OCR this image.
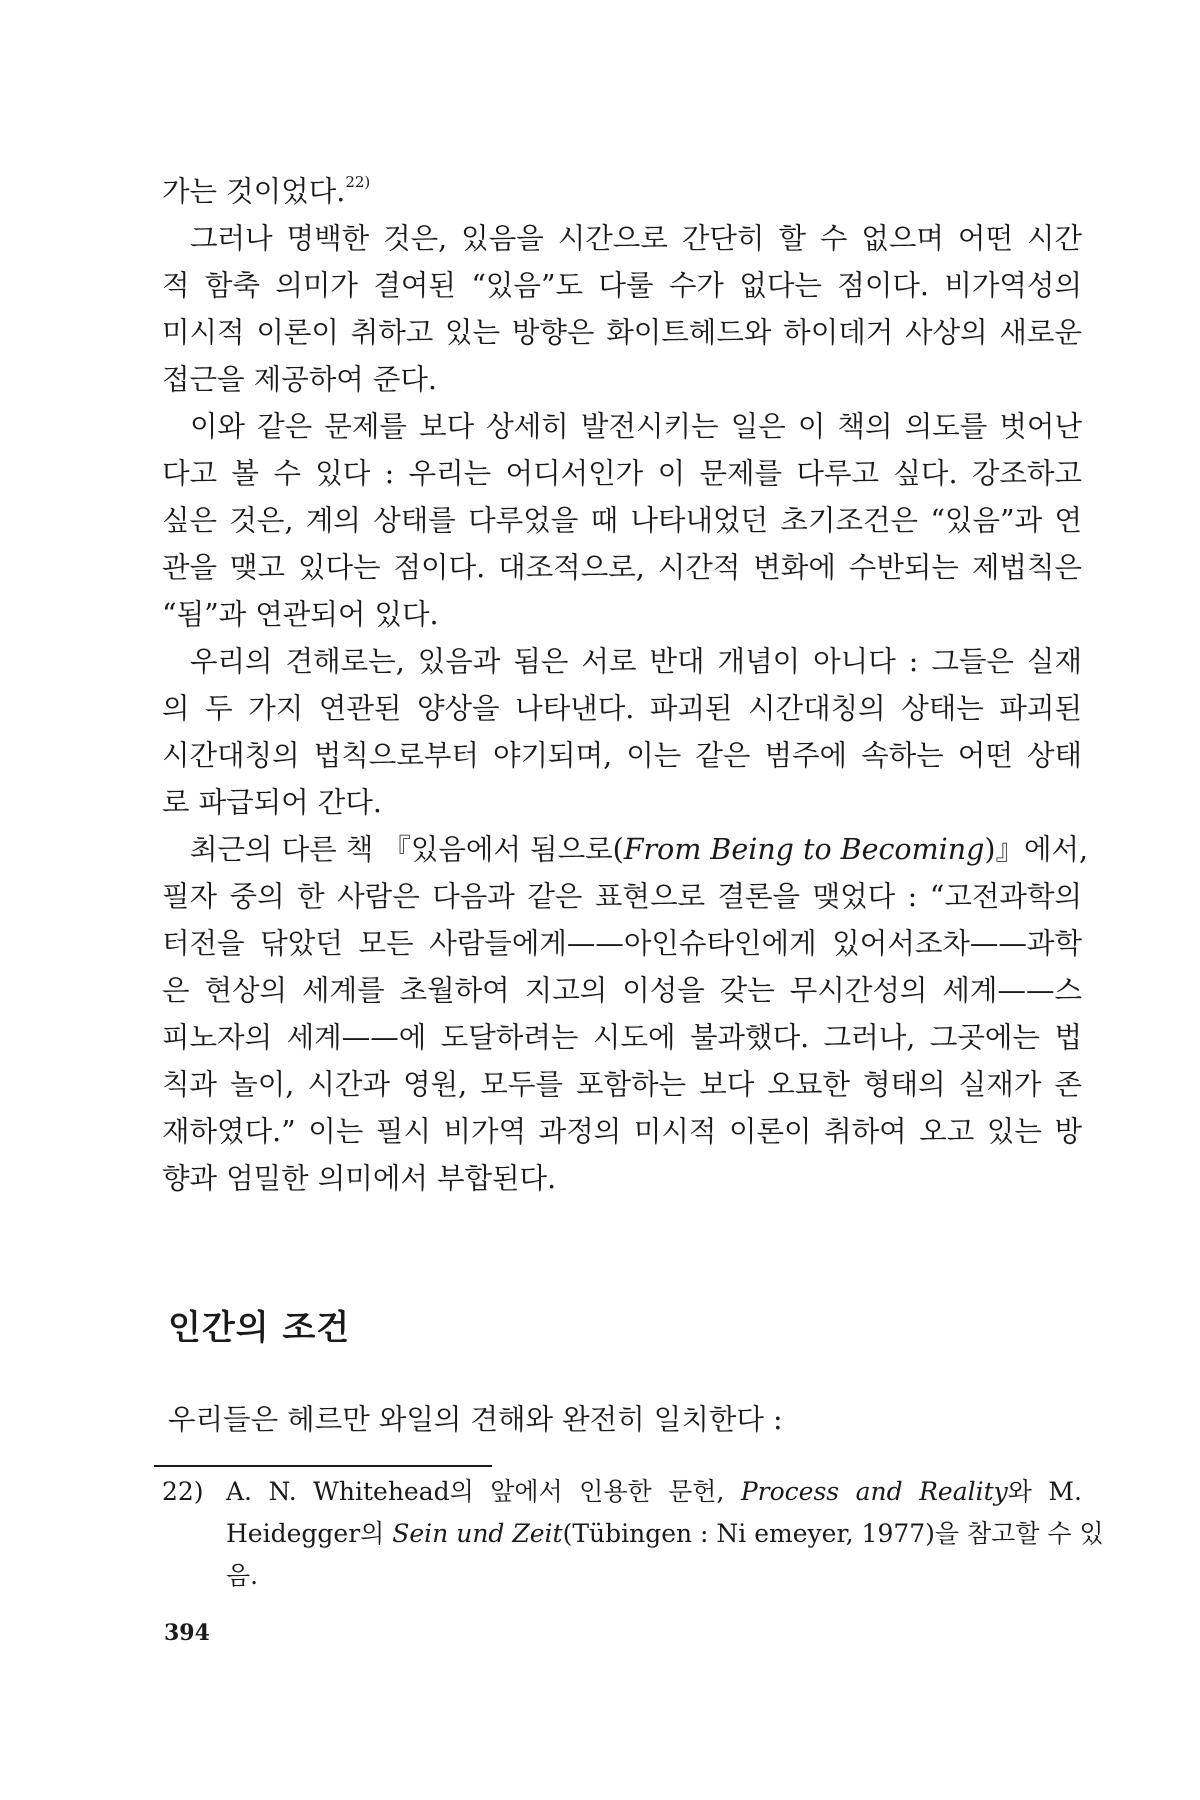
가는 것이었다.$^{22)}$
그러나 명백한 것은, 있음을 시간으로 간단히 할 수 없으며 어떤 시간
적 함축 의미가 결여된 “있음”도 다룰 수가 없다는 점이다. 비가역성의
미시적 이론이 취하고 있는 방향은 화이트헤드와 하이데거 사상의 새로운
접근을 제공하여 준다.
이와 같은 문제를 보다 상세히 발전시키는 일은 이 책의 의도를 벗어난
다고 볼 수 있다 : 우리는 어디서인가 이 문제를 다루고 싶다. 강조하고
싶은 것은, 계의 상태를 다루었을 때 나타내었던 초기조건은 “있음”과 연
관을 맺고 있다는 점이다. 대조적으로, 시간적 변화에 수반되는 제법칙은
“됨”과 연관되어 있다.
우리의 견해로는, 있음과 됨은 서로 반대 개념이 아니다 : 그들은 실재
의 두 가지 연관된 양상을 나타낸다. 파괴된 시간대칭의 상태는 파괴된
시간대칭의 법칙으로부터 야기되며, 이는 같은 범주에 속하는 어떤 상태
로 파급되어 간다.
최근의 다른 책 『있음에서 됨으로(From Being to Becoming)』에서,
필자 중의 한 사람은 다음과 같은 표현으로 결론을 맺었다 : “고전과학의
터전을 닦았던 모든 사람들에게——아인슈타인에게 있어서조차——과학
은 현상의 세계를 초월하여 지고의 이성을 갖는 무시간성의 세계——스
피노자의 세계——에 도달하려는 시도에 불과했다. 그러나, 그곳에는 법
칙과 놀이, 시간과 영원, 모두를 포함하는 보다 오묘한 형태의 실재가 존
재하였다.” 이는 필시 비가역 과정의 미시적 이론이 취하여 오고 있는 방
향과 엄밀한 의미에서 부합된다.
인간의 조건
우리들은 헤르만 와일의 견해와 완전히 일치한다 :
22) A. N. Whitehead의 앞에서 인용한 문헌, Process and Reality와 M.
Heidegger의 Sein und Zeit(Tübingen : Ni emeyer, 1977)을 참고할 수 있
음.
394
